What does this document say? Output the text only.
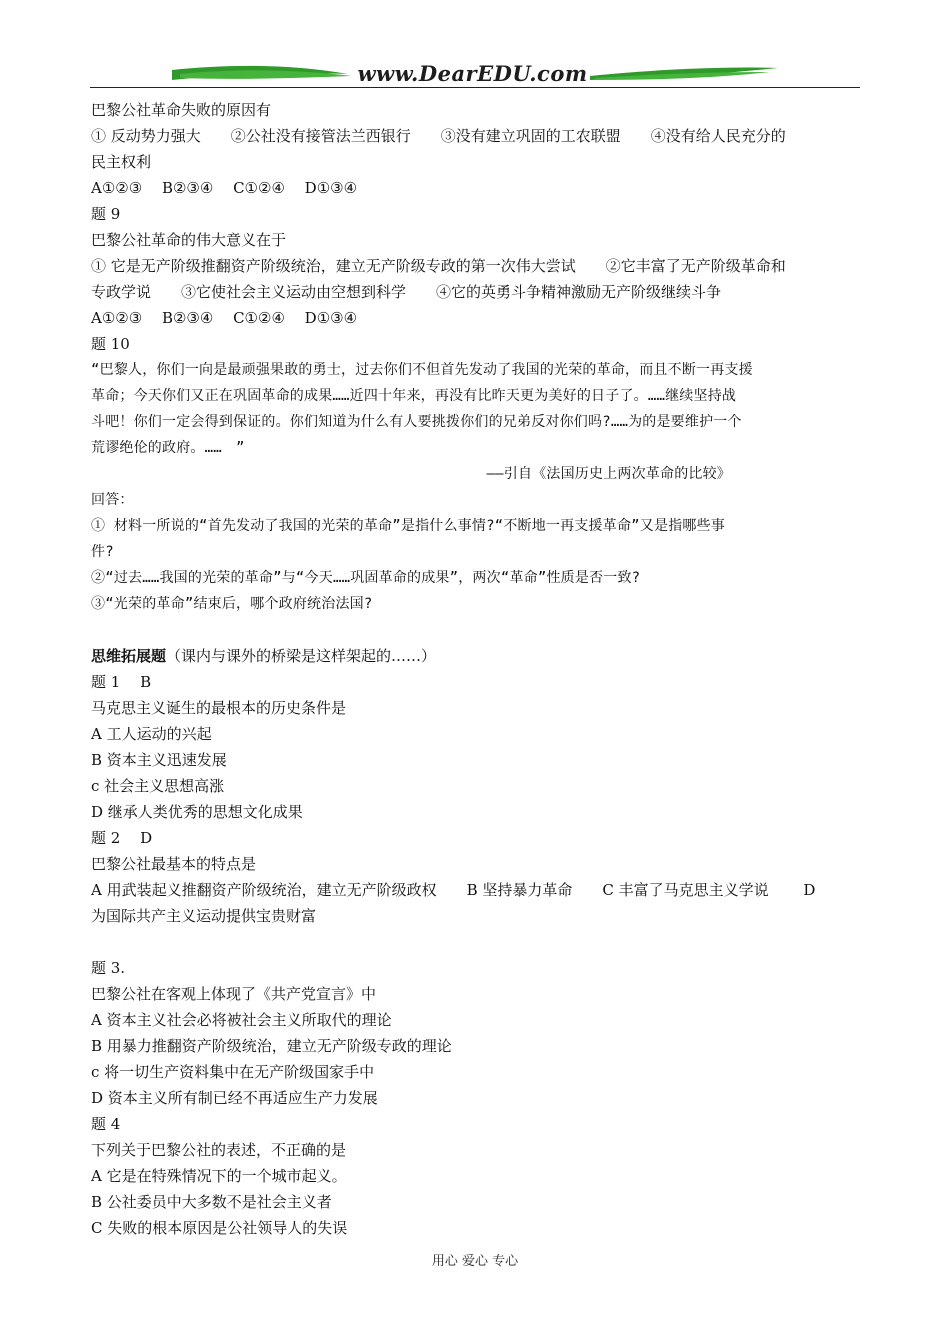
www.DearEDU.com
巴黎公社革命失败的原因有
① 反动势力强大　　②公社没有接管法兰西银行　　③没有建立巩固的工农联盟　　④没有给人民充分的
民主权利
A①②③　 B②③④　 C①②④　 D①③④
题 9
巴黎公社革命的伟大意义在于
① 它是无产阶级推翻资产阶级统治，建立无产阶级专政的第一次伟大尝试　　②它丰富了无产阶级革命和
专政学说　　③它使社会主义运动由空想到科学　　④它的英勇斗争精神激励无产阶级继续斗争
A①②③　 B②③④　 C①②④　 D①③④
题 10
“巴黎人，你们一向是最顽强果敢的勇士，过去你们不但首先发动了我国的光荣的革命，而且不断一再支援
革命；今天你们又正在巩固革命的成果……近四十年来，再没有比昨天更为美好的日子了。……继续坚持战
斗吧！你们一定会得到保证的。你们知道为什么有人要挑拨你们的兄弟反对你们吗?……为的是要维护一个
荒谬绝伦的政府。……　”
——引自《法国历史上两次革命的比较》
回答：
① 材料一所说的“首先发动了我国的光荣的革命”是指什么事情?“不断地一再支援革命”又是指哪些事
件?
②“过去……我国的光荣的革命”与“今天……巩固革命的成果”，两次“革命”性质是否一致?
③“光荣的革命”结束后，哪个政府统治法国?
思维拓展题（课内与课外的桥梁是这样架起的……）
题 1　 B
马克思主义诞生的最根本的历史条件是
A 工人运动的兴起
B 资本主义迅速发展
c 社会主义思想高涨
D 继承人类优秀的思想文化成果
题 2　 D
巴黎公社最基本的特点是
A 用武装起义推翻资产阶级统治，建立无产阶级政权　　B 坚持暴力革命　　C 丰富了马克思主义学说　　 D
为国际共产主义运动提供宝贵财富
题 3.
巴黎公社在客观上体现了《共产党宣言》中
A 资本主义社会必将被社会主义所取代的理论
B 用暴力推翻资产阶级统治，建立无产阶级专政的理论
c 将一切生产资料集中在无产阶级国家手中
D 资本主义所有制已经不再适应生产力发展
题 4
下列关于巴黎公社的表述，不正确的是
A 它是在特殊情况下的一个城市起义。
B 公社委员中大多数不是社会主义者
C 失败的根本原因是公社领导人的失误
用心 爱心 专心
